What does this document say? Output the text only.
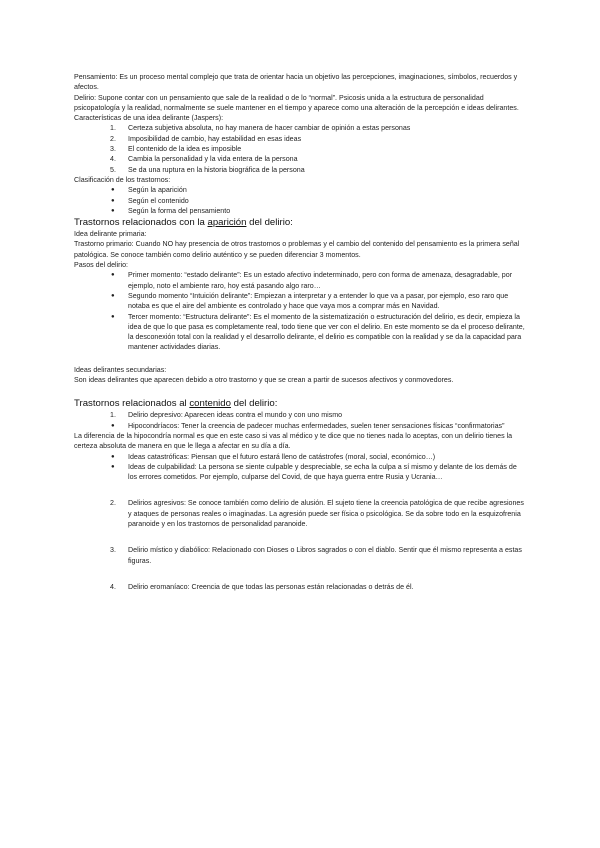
Pensamiento: Es un proceso mental complejo que trata de orientar hacia un objetivo las percepciones, imaginaciones, símbolos, recuerdos y afectos.

Delirio: Supone contar con un pensamiento que sale de la realidad o de lo “normal”. Psicosis unida a la estructura de personalidad psicopatología y la realidad, normalmente se suele mantener en el tiempo y aparece como una alteración de la percepción e ideas delirantes.

Características de una idea delirante (Jaspers):

1. Certeza subjetiva absoluta, no hay manera de hacer cambiar de opinión a estas personas
2. Imposibilidad de cambio, hay estabilidad en esas ideas
3. El contenido de la idea es imposible
4. Cambia la personalidad y la vida entera de la persona
5. Se da una ruptura en la historia biográfica de la persona

Clasificación de los trastornos:

● Según la aparición
● Según el contenido
● Según la forma del pensamiento

Trastornos relacionados con la aparición del delirio:

Idea delirante primaria:

Trastorno primario: Cuando NO hay presencia de otros trastornos o problemas y el cambio del contenido del pensamiento es la primera señal patológica. Se conoce también como delirio auténtico y se pueden diferenciar 3 momentos.

Pasos del delirio:

● Primer momento: “estado delirante”: Es un estado afectivo indeterminado, pero con forma de amenaza, desagradable, por ejemplo, noto el ambiente raro, hoy está pasando algo raro…
● Segundo momento “Intuición delirante”: Empiezan a interpretar y a entender lo que va a pasar, por ejemplo, eso raro que notaba es que el aire del ambiente es controlado y hace que vaya mos a comprar más en Navidad.
● Tercer momento: “Estructura delirante”: Es el momento de la sistematización o estructuración del delirio, es decir, empieza la idea de que lo que pasa es completamente real, todo tiene que ver con el delirio. En este momento se da el proceso delirante, la desconexión total con la realidad y el desarrollo delirante, el delirio es compatible con la realidad y se da la capacidad para mantener actividades diarias.

Ideas delirantes secundarias:

Son ideas delirantes que aparecen debido a otro trastorno y que se crean a partir de sucesos afectivos y conmovedores.

Trastornos relacionados al contenido del delirio:

1. Delirio depresivo: Aparecen ideas contra el mundo y con uno mismo
● Hipocondríacos: Tener la creencia de padecer muchas enfermedades, suelen tener sensaciones físicas “confirmatorias”

La diferencia de la hipocondría normal es que en este caso si vas al médico y te dice que no tienes nada lo aceptas, con un delirio tienes la certeza absoluta de manera en que le llega a afectar en su día a día.

● Ideas catastróficas: Piensan que el futuro estará lleno de catástrofes (moral, social, económico…)
● Ideas de culpabilidad: La persona se siente culpable y despreciable, se echa la culpa a sí mismo y delante de los demás de los errores cometidos. Por ejemplo, culparse del Covid, de que haya guerra entre Rusia y Ucrania…
2. Delirios agresivos: Se conoce también como delirio de alusión. El sujeto tiene la creencia patológica de que recibe agresiones y ataques de personas reales o imaginadas. La agresión puede ser física o psicológica. Se da sobre todo en la esquizofrenia paranoide y en los trastornos de personalidad paranoide.
3. Delirio místico y diabólico: Relacionado con Dioses o Libros sagrados o con el diablo. Sentir que él mismo representa a estas figuras.
4. Delirio eromaníaco: Creencia de que todas las personas están relacionadas o detrás de él.
